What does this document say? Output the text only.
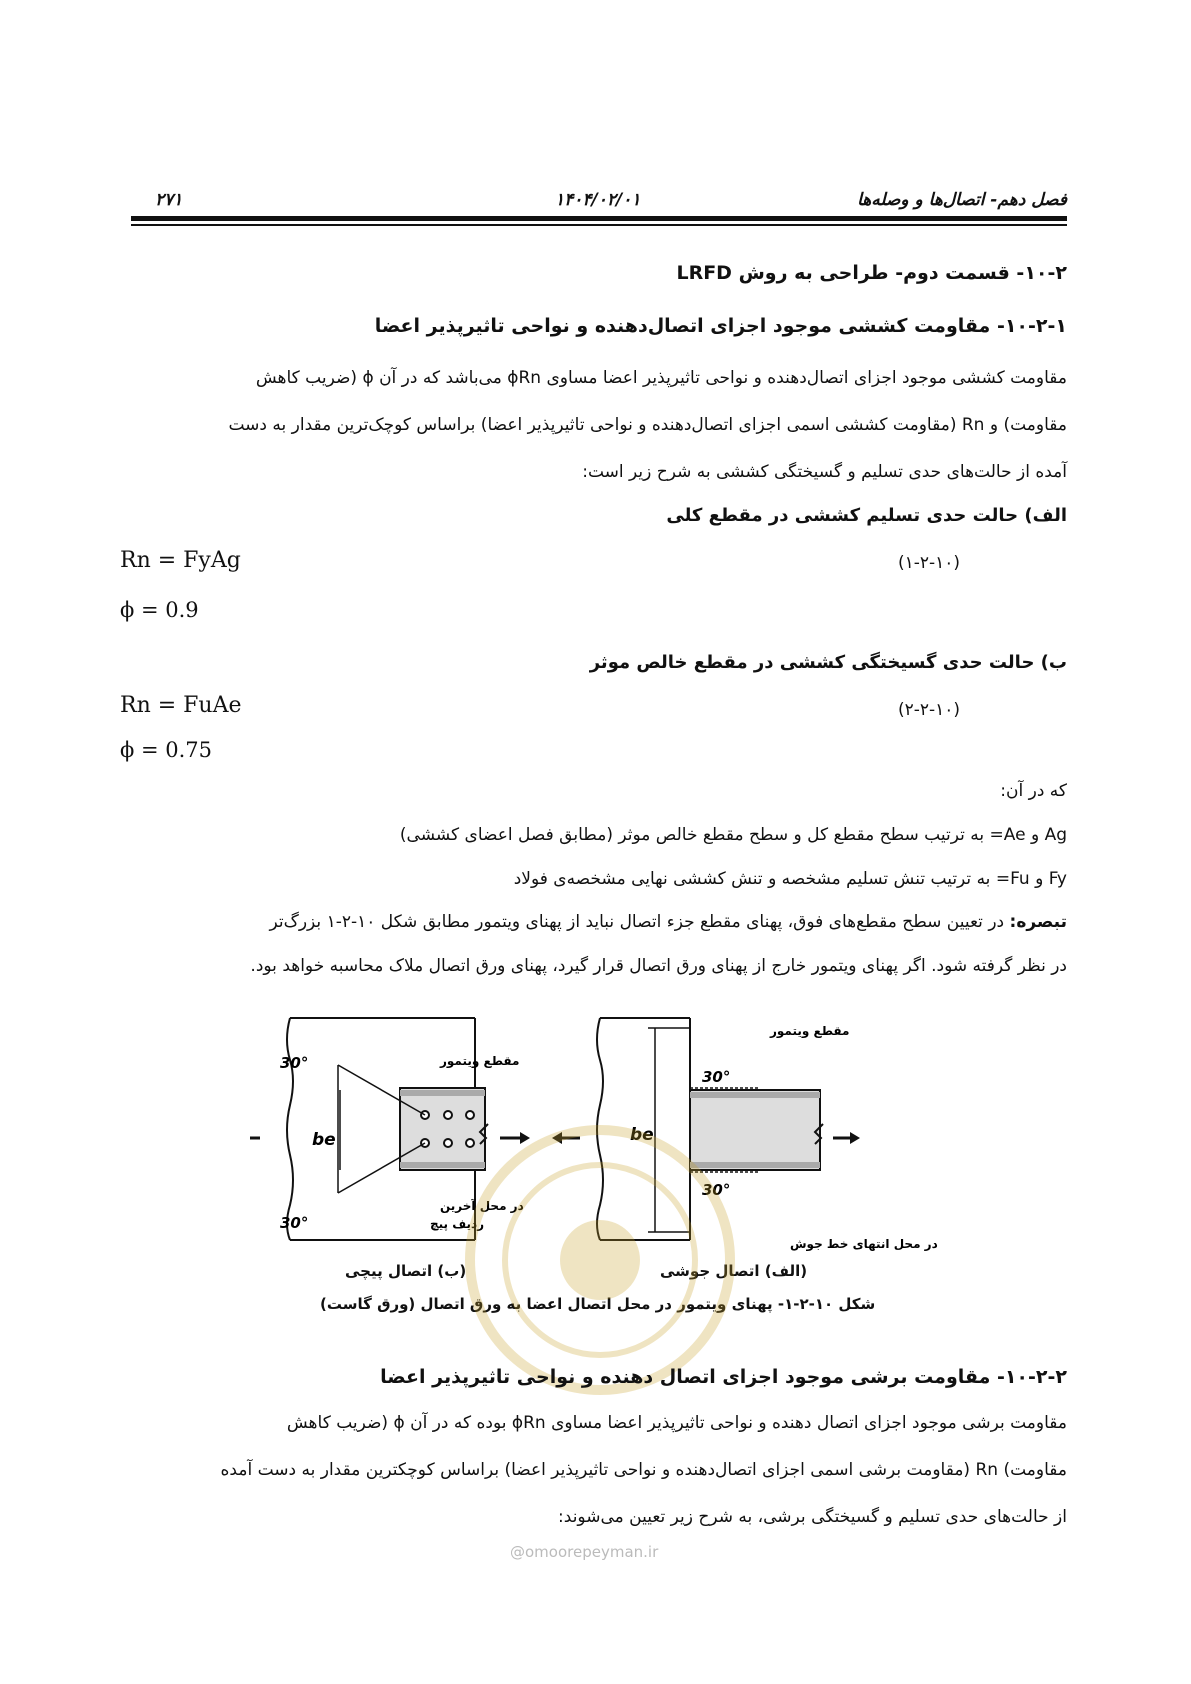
فصل دهم- اتصال‌ها و وصله‌ها
۱۴۰۴/۰۲/۰۱
۲۷۱
۱۰-۲- قسمت دوم- طراحی به روش LRFD
۱۰-۲-۱- مقاومت کششی موجود اجزای اتصال‌دهنده و نواحی تاثیرپذیر اعضا
مقاومت کششی موجود اجزای اتصال‌دهنده و نواحی تاثیرپذیر اعضا مساوی ϕRn می‌باشد که در آن ϕ (ضریب کاهش
مقاومت) و Rn (مقاومت کششی اسمی اجزای اتصال‌دهنده و نواحی تاثیرپذیر اعضا) براساس کوچک‌ترین مقدار به دست
آمده از حالت‌های حدی تسلیم و گسیختگی کششی به شرح زیر است:
الف) حالت حدی تسلیم کششی در مقطع کلی
Rn = FyAg	(۱-۲-۱۰)
ϕ = 0.9
ب) حالت حدی گسیختگی کششی در مقطع خالص موثر
Rn = FuAe	(۲-۲-۱۰)
ϕ = 0.75
که در آن:
Ag و Ae= به ترتیب سطح مقطع کل و سطح مقطع خالص موثر (مطابق فصل اعضای کششی)
Fy و Fu= به ترتیب تنش تسلیم مشخصه و تنش کششی نهایی مشخصه‌ی فولاد
تبصره: در تعیین سطح مقطع‌های فوق، پهنای مقطع جزء اتصال نباید از پهنای ویتمور مطابق شکل ۱۰-۲-۱ بزرگ‌تر
در نظر گرفته شود. اگر پهنای ویتمور خارج از پهنای ورق اتصال قرار گیرد، پهنای ورق اتصال ملاک محاسبه خواهد بود.
30°
30°
be
مقطع ویتمور
در محل آخرین
ردیف پیچ
30°
30°
be
مقطع ویتمور
در محل انتهای خط جوش
(ب) اتصال پیچی	(الف) اتصال جوشی
شکل ۱۰-۲-۱- پهنای ویتمور در محل اتصال اعضا به ورق اتصال (ورق گاست)
۱۰-۲-۲- مقاومت برشی موجود اجزای اتصال دهنده و نواحی تاثیرپذیر اعضا
مقاومت برشی موجود اجزای اتصال دهنده و نواحی تاثیرپذیر اعضا مساوی ϕRn بوده که در آن ϕ (ضریب کاهش
مقاومت) Rn (مقاومت برشی اسمی اجزای اتصال‌دهنده و نواحی تاثیرپذیر اعضا) براساس کوچکترین مقدار به دست آمده
از حالت‌های حدی تسلیم و گسیختگی برشی، به شرح زیر تعیین می‌شوند:
@omoorepeyman.ir
